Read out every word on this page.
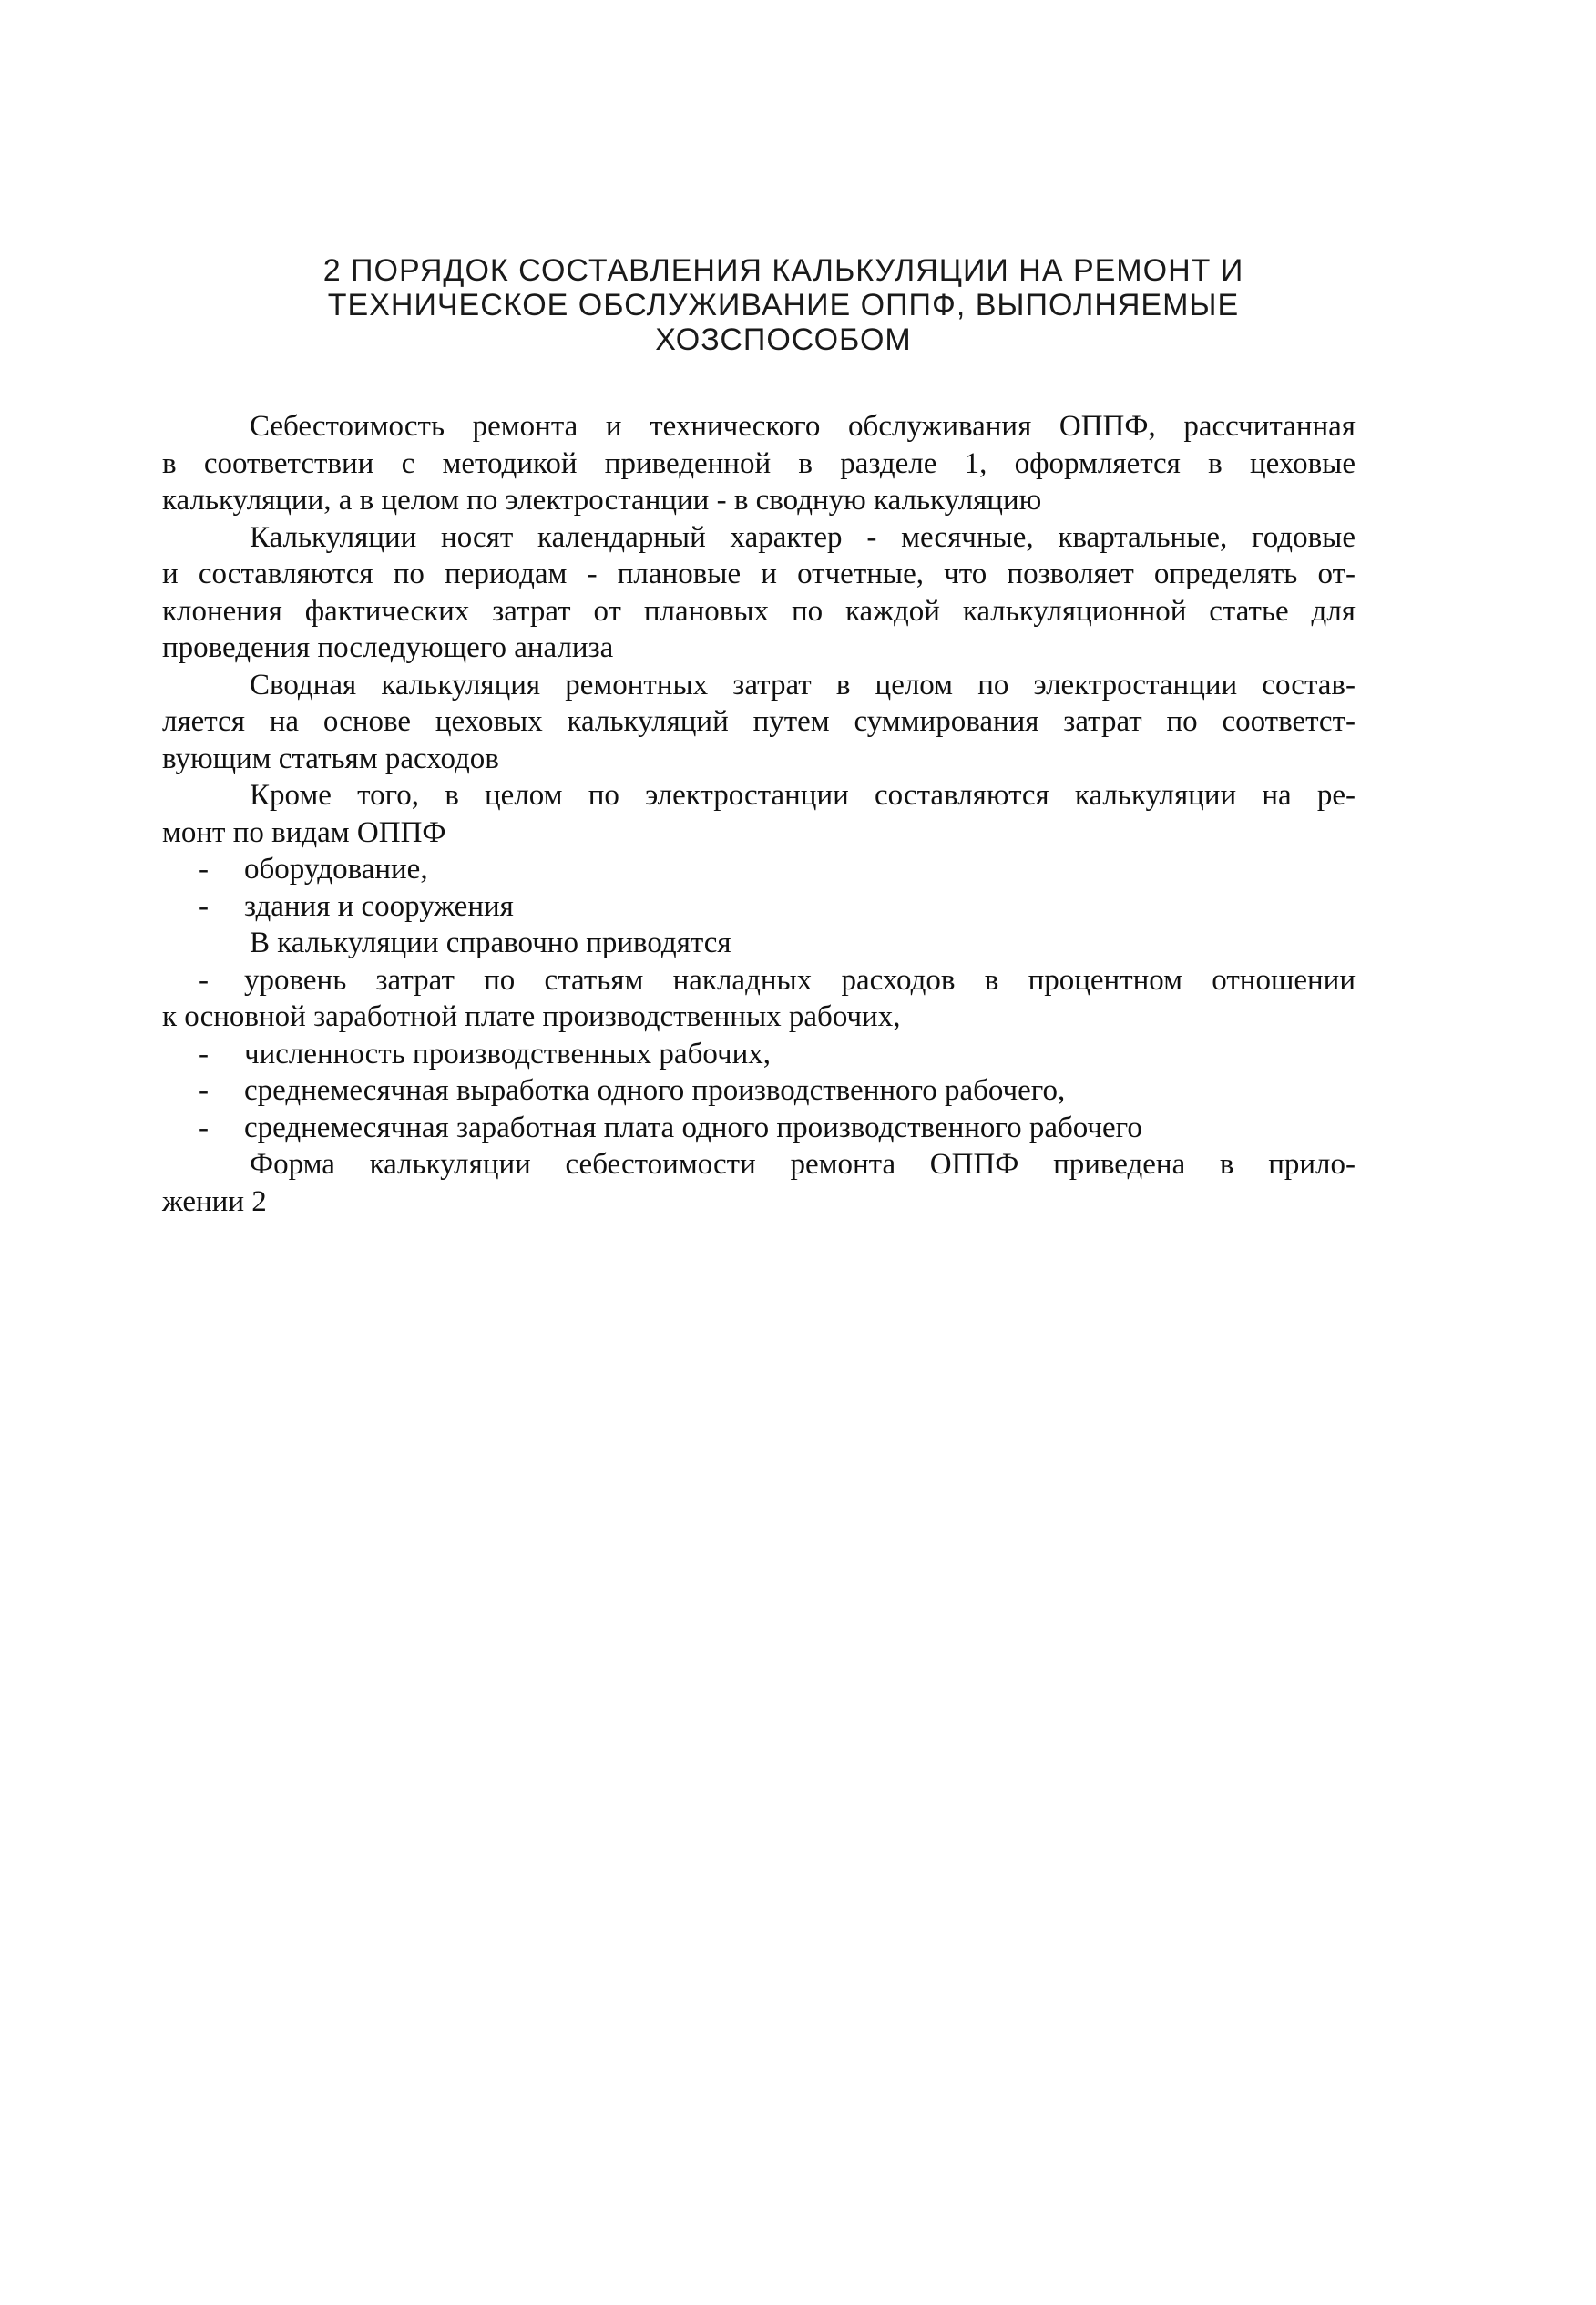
2 ПОРЯДОК СОСТАВЛЕНИЯ КАЛЬКУЛЯЦИИ НА РЕМОНТ И
ТЕХНИЧЕСКОЕ ОБСЛУЖИВАНИЕ ОППФ, ВЫПОЛНЯЕМЫЕ
ХОЗСПОСОБОМ
Себестоимость ремонта и технического обслуживания ОППФ, рассчитанная
в соответствии с методикой приведенной в разделе 1, оформляется в цеховые
калькуляции, а в целом по электростанции - в сводную калькуляцию
Калькуляции носят календарный характер - месячные, квартальные, годовые
и составляются по периодам - плановые и отчетные, что позволяет определять от-
клонения фактических затрат от плановых по каждой калькуляционной статье для
проведения последующего анализа
Сводная калькуляция ремонтных затрат в целом по электростанции состав-
ляется на основе цеховых калькуляций путем суммирования затрат по соответст-
вующим статьям расходов
Кроме того, в целом по электростанции составляются калькуляции на ре-
монт по видам ОППФ
-	оборудование,
-	здания и сооружения
В калькуляции справочно приводятся
-	уровень затрат по статьям накладных расходов в процентном отношении
к основной заработной плате производственных рабочих,
-	численность производственных рабочих,
-	среднемесячная выработка одного производственного рабочего,
-	среднемесячная заработная плата одного производственного рабочего
Форма калькуляции себестоимости ремонта ОППФ приведена в прило-
жении 2
